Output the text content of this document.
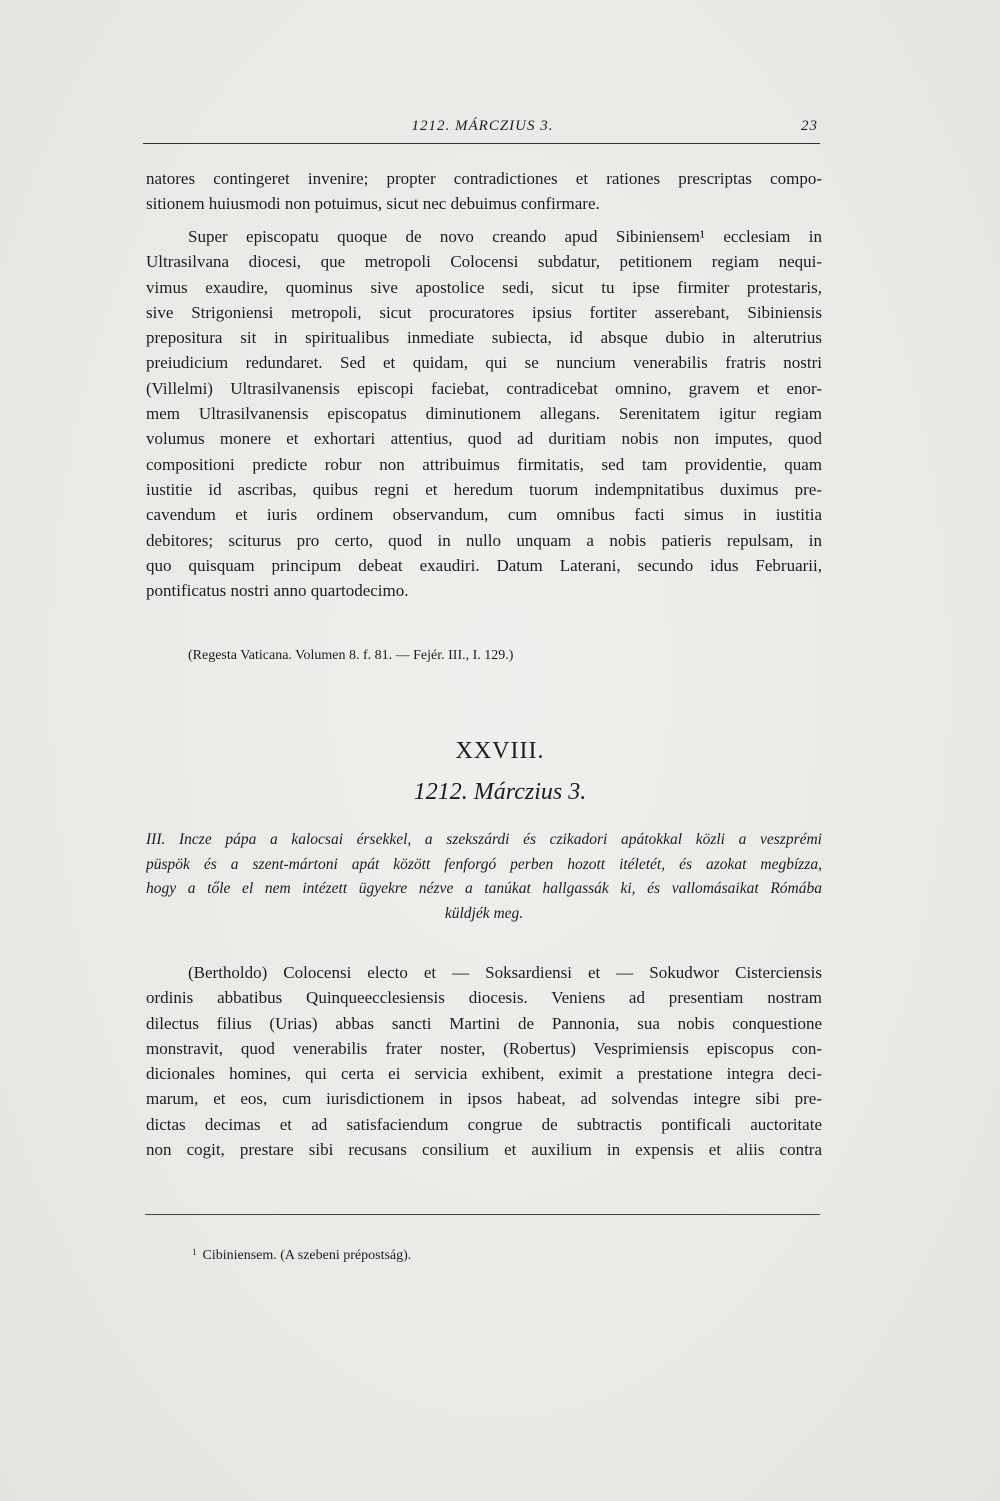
1212. MÁRCZIUS 3.	23
natores contingeret invenire; propter contradictiones et rationes prescriptas compo-
sitionem huiusmodi non potuimus, sicut nec debuimus confirmare.
Super episcopatu quoque de novo creando apud Sibiniensem¹ ecclesiam in
Ultrasilvana diocesi, que metropoli Colocensi subdatur, petitionem regiam nequi-
vimus exaudire, quominus sive apostolice sedi, sicut tu ipse firmiter protestaris,
sive Strigoniensi metropoli, sicut procuratores ipsius fortiter asserebant, Sibiniensis
prepositura sit in spiritualibus inmediate subiecta, id absque dubio in alterutrius
preiudicium redundaret. Sed et quidam, qui se nuncium venerabilis fratris nostri
(Villelmi) Ultrasilvanensis episcopi faciebat, contradicebat omnino, gravem et enor-
mem Ultrasilvanensis episcopatus diminutionem allegans. Serenitatem igitur regiam
volumus monere et exhortari attentius, quod ad duritiam nobis non imputes, quod
compositioni predicte robur non attribuimus firmitatis, sed tam providentie, quam
iustitie id ascribas, quibus regni et heredum tuorum indempnitatibus duximus pre-
cavendum et iuris ordinem observandum, cum omnibus facti simus in iustitia
debitores; sciturus pro certo, quod in nullo unquam a nobis patieris repulsam, in
quo quisquam principum debeat exaudiri. Datum Laterani, secundo idus Februarii,
pontificatus nostri anno quartodecimo.
(Regesta Vaticana. Volumen 8. f. 81. — Fejér. III., I. 129.)
XXVIII.
1212. Márczius 3.
III. Incze pápa a kalocsai érsekkel, a szekszárdi és czikadori apátokkal közli a veszprémi
püspök és a szent-mártoni apát között fenforgó perben hozott itéletét, és azokat megbízza,
hogy a tőle el nem intézett ügyekre nézve a tanúkat hallgassák ki, és vallomásaikat Rómába
küldjék meg.
(Bertholdo) Colocensi electo et — Soksardiensi et — Sokudwor Cisterciensis
ordinis abbatibus Quinqueecclesiensis diocesis. Veniens ad presentiam nostram
dilectus filius (Urias) abbas sancti Martini de Pannonia, sua nobis conquestione
monstravit, quod venerabilis frater noster, (Robertus) Vesprimiensis episcopus con-
dicionales homines, qui certa ei servicia exhibent, eximit a prestatione integra deci-
marum, et eos, cum iurisdictionem in ipsos habeat, ad solvendas integre sibi pre-
dictas decimas et ad satisfaciendum congrue de subtractis pontificali auctoritate
non cogit, prestare sibi recusans consilium et auxilium in expensis et aliis contra
$^1$ Cibiniensem. (A szebeni prépostság).
